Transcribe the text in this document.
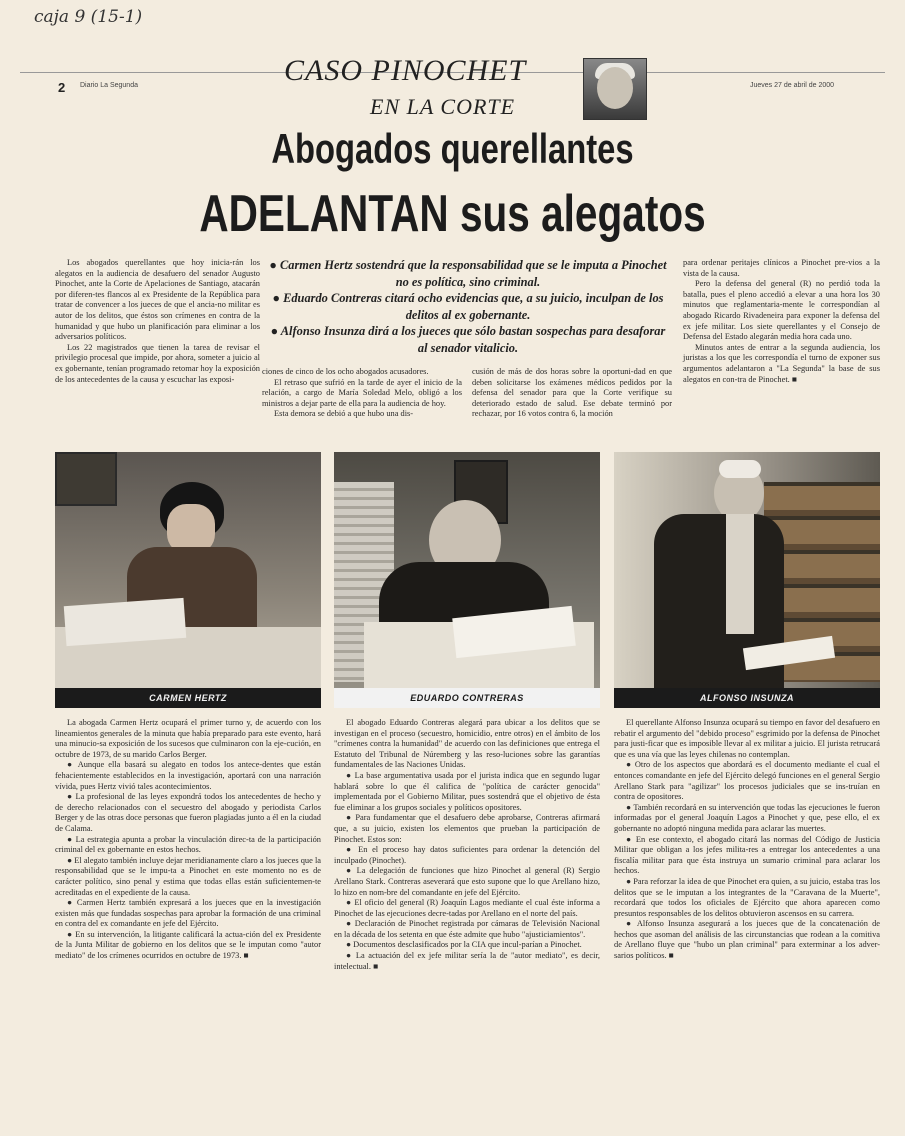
caja 9 (15-1)
2 Diario La Segunda	Jueves 27 de abril de 2000
CASO PINOCHET
EN LA CORTE
Abogados querellantes
ADELANTAN sus alegatos

Los abogados querellantes que hoy inicia-rán los alegatos en la audiencia de desafuero del senador Augusto Pinochet, ante la Corte de Apelaciones de Santiago, atacarán por diferen-tes flancos al ex Presidente de la República para tratar de convencer a los jueces de que el ancia-no militar es autor de los delitos, que éstos son crímenes en contra de la humanidad y que hubo un planificación para eliminar a los adversarios políticos.

Los 22 magistrados que tienen la tarea de revisar el privilegio procesal que impide, por ahora, someter a juicio al ex gobernante, tenían programado retomar hoy la exposición de los antecedentes de la causa y escuchar las exposi-

● Carmen Hertz sostendrá que la responsabilidad que se le imputa a Pinochet no es política, sino criminal.
● Eduardo Contreras citará ocho evidencias que, a su juicio, inculpan de los delitos al ex gobernante.
● Alfonso Insunza dirá a los jueces que sólo bastan sospechas para desaforar al senador vitalicio.

ciones de cinco de los ocho abogados acusadores.

El retraso que sufrió en la tarde de ayer el inicio de la relación, a cargo de María Soledad Melo, obligó a los ministros a dejar parte de ella para la audiencia de hoy.

Esta demora se debió a que hubo una dis-

cusión de más de dos horas sobre la oportuni-dad en que deben solicitarse los exámenes médicos pedidos por la defensa del senador para que la Corte verifique su deteriorado estado de salud. Ese debate terminó por rechazar, por 16 votos contra 6, la moción

para ordenar peritajes clínicos a Pinochet pre-vios a la vista de la causa.

Pero la defensa del general (R) no perdió toda la batalla, pues el pleno accedió a elevar a una hora los 30 minutos que reglamentaria-mente le correspondían al abogado Ricardo Rivadeneira para exponer la defensa del ex jefe militar. Los siete querellantes y el Consejo de Defensa del Estado alegarán media hora cada uno.

Minutos antes de entrar a la segunda audiencia, los juristas a los que les correspondía el turno de exponer sus argumentos adelantaron a "La Segunda" la base de sus alegatos en con-tra de Pinochet. ■

CARMEN HERTZ	EDUARDO CONTRERAS	ALFONSO INSUNZA

La abogada Carmen Hertz ocupará el primer turno y, de acuerdo con los lineamientos generales de la minuta que había preparado para este evento, hará una minucio-sa exposición de los sucesos que culminaron con la eje-cución, en octubre de 1973, de su marido Carlos Berger.

● Aunque ella basará su alegato en todos los antece-dentes que están fehacientemente establecidos en la investigación, aportará con una narración vívida, pues Hertz vivió tales acontecimientos.

● La profesional de las leyes expondrá todos los antecedentes de hecho y de derecho relacionados con el secuestro del abogado y periodista Carlos Berger y de las otras doce personas que fueron plagiadas junto a él en la ciudad de Calama.

● La estrategia apunta a probar la vinculación direc-ta de la participación criminal del ex gobernante en estos hechos.

● El alegato también incluye dejar meridianamente claro a los jueces que la responsabilidad que se le impu-ta a Pinochet en este momento no es de carácter político, sino penal y estima que todas ellas están suficientemen-te acreditadas en el expediente de la causa.

● Carmen Hertz también expresará a los jueces que en la investigación existen más que fundadas sospechas para aprobar la formación de una criminal en contra del ex comandante en jefe del Ejército.

● En su intervención, la litigante calificará la actua-ción del ex Presidente de la Junta Militar de gobierno en los delitos que se le imputan como "autor mediato" de los crímenes ocurridos en octubre de 1973. ■

El abogado Eduardo Contreras alegará para ubicar a los delitos que se investigan en el proceso (secuestro, homicidio, entre otros) en el ámbito de los "crímenes contra la humanidad" de acuerdo con las definiciones que entrega el Estatuto del Tribunal de Núremberg y las reso-luciones sobre las garantías fundamentales de las Naciones Unidas.

● La base argumentativa usada por el jurista indica que en segundo lugar hablará sobre lo que él califica de "política de carácter genocida" implementada por el Gobierno Militar, pues sostendrá que el objetivo de ésta fue eliminar a los grupos sociales y políticos opositores.

● Para fundamentar que el desafuero debe aprobarse, Contreras afirmará que, a su juicio, existen los elementos que prueban la participación de Pinochet. Estos son:

● En el proceso hay datos suficientes para ordenar la detención del inculpado (Pinochet).

● La delegación de funciones que hizo Pinochet al general (R) Sergio Arellano Stark. Contreras aseverará que esto supone que lo que Arellano hizo, lo hizo en nom-bre del comandante en jefe del Ejército.

● El oficio del general (R) Joaquín Lagos mediante el cual éste informa a Pinochet de las ejecuciones decre-tadas por Arellano en el norte del país.

● Declaración de Pinochet registrada por cámaras de Televisión Nacional en la década de los setenta en que éste admite que hubo "ajusticiamientos".

● Documentos desclasificados por la CIA que incul-parían a Pinochet.

● La actuación del ex jefe militar sería la de "autor mediato", es decir, intelectual. ■

El querellante Alfonso Insunza ocupará su tiempo en favor del desafuero en rebatir el argumento del "debido proceso" esgrimido por la defensa de Pinochet para justi-ficar que es imposible llevar al ex militar a juicio. El jurista retrucará que es una vía que las leyes chilenas no contemplan.

● Otro de los aspectos que abordará es el documento mediante el cual el entonces comandante en jefe del Ejército delegó funciones en el general Sergio Arellano Stark para "agilizar" los procesos judiciales que se ins-truían en contra de opositores.

● También recordará en su intervención que todas las ejecuciones le fueron informadas por el general Joaquín Lagos a Pinochet y que, pese ello, el ex gobernante no adoptó ninguna medida para aclarar las muertes.

● En ese contexto, el abogado citará las normas del Código de Justicia Militar que obligan a los jefes milita-res a entregar los antecedentes a una fiscalía militar para que ésta instruya un sumario criminal para aclarar los hechos.

● Para reforzar la idea de que Pinochet era quien, a su juicio, estaba tras los delitos que se le imputan a los integrantes de la "Caravana de la Muerte", recordará que todos los oficiales de Ejército que ahora aparecen como presuntos responsables de los delitos obtuvieron ascensos en su carrera.

● Alfonso Insunza asegurará a los jueces que de la concatenación de hechos que asoman del análisis de las circunstancias que rodean a la comitiva de Arellano fluye que "hubo un plan criminal" para exterminar a los adver-sarios políticos. ■
